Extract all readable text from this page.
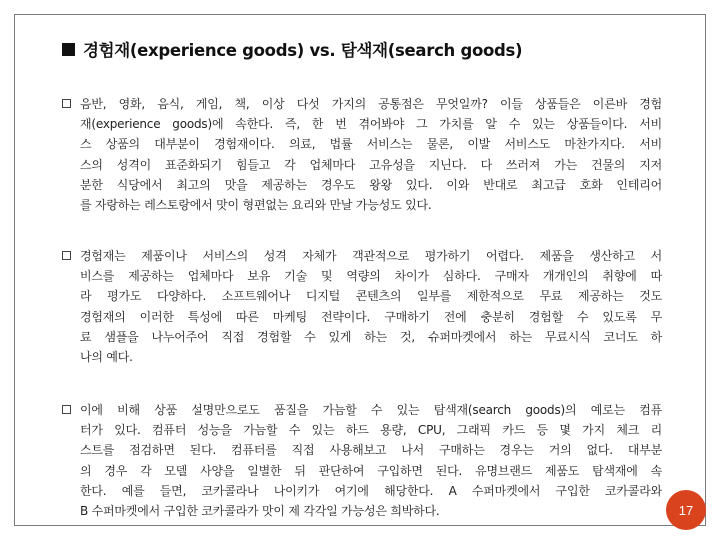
경험재(experience goods) vs. 탐색재(search goods)
음반, 영화, 음식, 게임, 책, 이상 다섯 가지의 공통점은 무엇일까? 이들 상품들은 이른바 경험
재(experience goods)에 속한다. 즉, 한 번 겪어봐야 그 가치를 알 수 있는 상품들이다. 서비
스 상품의 대부분이 경험재이다. 의료, 법률 서비스는 물론, 이발 서비스도 마찬가지다. 서비
스의 성격이 표준화되기 힘들고 각 업체마다 고유성을 지닌다. 다 쓰러져 가는 건물의 지저
분한 식당에서 최고의 맛을 제공하는 경우도 왕왕 있다. 이와 반대로 최고급 호화 인테리어
를 자랑하는 레스토랑에서 맛이 형편없는 요리와 만날 가능성도 있다.
경험재는 제품이나 서비스의 성격 자체가 객관적으로 평가하기 어렵다. 제품을 생산하고 서
비스를 제공하는 업체마다 보유 기술 및 역량의 차이가 심하다. 구매자 개개인의 취향에 따
라 평가도 다양하다. 소프트웨어나 디지털 콘텐츠의 일부를 제한적으로 무료 제공하는 것도
경험재의 이러한 특성에 따른 마케팅 전략이다. 구매하기 전에 충분히 경험할 수 있도록 무
료 샘플을 나누어주어 직접 경험할 수 있게 하는 것, 슈퍼마켓에서 하는 무료시식 코너도 하
나의 예다.
이에 비해 상품 설명만으로도 품질을 가늠할 수 있는 탐색재(search goods)의 예로는 컴퓨
터가 있다. 컴퓨터 성능을 가늠할 수 있는 하드 용량, CPU, 그래픽 카드 등 몇 가지 체크 리
스트를 점검하면 된다. 컴퓨터를 직접 사용해보고 나서 구매하는 경우는 거의 없다. 대부분
의 경우 각 모델 사양을 일별한 뒤 판단하여 구입하면 된다. 유명브랜드 제품도 탐색재에 속
한다. 예를 들면, 코카콜라나 나이키가 여기에 해당한다. A 수퍼마켓에서 구입한 코카콜라와
B 수퍼마켓에서 구입한 코카콜라가 맛이 제 각각일 가능성은 희박하다.	17
